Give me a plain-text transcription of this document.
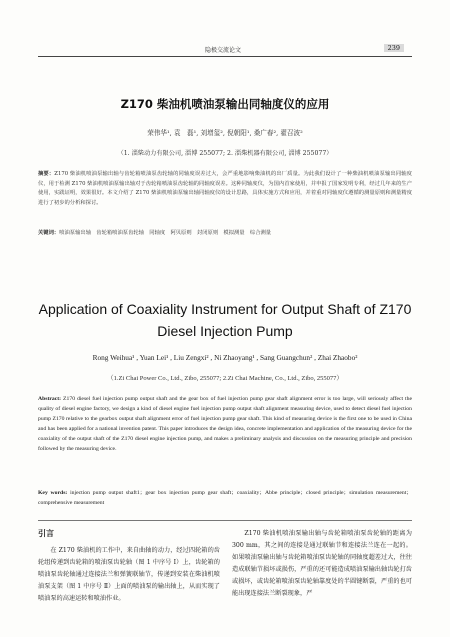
隐极交流论文	239
Z170 柴油机喷油泵输出同轴度仪的应用
荣伟华¹, 袁　磊¹, 刘增玺², 倪朝阳¹, 桑广春², 翟召波²
（1. 淄柴动力有限公司, 淄博 255077; 2. 淄柴机器有限公司, 淄博 255077）
摘要：Z170 柴油机喷油泵输出轴与齿轮箱喷油泵齿轮轴的同轴度误差过大，会严重地影响柴油机的出厂质量。为此我们设计了一种柴油机喷油泵输出同轴度仪，用于检测 Z170 柴油机喷油泵输出轴对于齿轮箱喷油泵齿轮轴的同轴度误差。这种同轴度仪，为国内首家使用，并申报了国家发明专利，经过几年来的生产使用，实践证明，效果很好。本文介绍了 Z170 柴油机喷油泵输出轴同轴度仪的设计思路，具体实施方式和应用，并着重对同轴度仪遵循的测量原则和测量精度进行了初步的分析和探讨。
关键词：喷油泵输出轴　齿轮箱喷油泵齿轮轴　同轴度　阿贝原则　封闭原则　模拟测量　综合测量
Application of Coaxiality Instrument for Output Shaft of Z170
Diesel Injection Pump
Rong Weihua¹ , Yuan Lei¹ , Liu Zengxi² , Ni Zhaoyang¹ , Sang Guangchun² , Zhai Zhaobo²
（1.Zi Chai Power Co., Ltd., Zibo, 255077; 2.Zi Chai Machine, Co., Ltd., Zibo, 255077）
Abstract: Z170 diesel fuel injection pump output shaft and the gear box of fuel injection pump gear shaft alignment error is too large, will seriously affect the quality of diesel engine factory, we design a kind of diesel engine fuel injection pump output shaft alignment measuring device, used to detect diesel fuel injection pump Z170 relative to the gearbox output shaft alignment error of fuel injection pump gear shaft. This kind of measuring device is the first one to be used in China and has been applied for a national invention patent. This paper introduces the design idea, concrete implementation and application of the measuring device for the coaxiality of the output shaft of the Z170 diesel engine injection pump, and makes a preliminary analysis and discussion on the measuring principle and precision followed by the measuring device.
Key words: injection pump output shaft1；gear box injection pump gear shaft；coaxiality；Abbe principle；closed principle；simulation measurement；comprehensive measurement
引言
在 Z170 柴油机的工作中，来自曲轴的动力，经过四轮箱的齿轮组传递到齿轮箱的喷油泵齿轮轴（图 1 中序号 Ⅰ）上，齿轮箱的喷油泵齿轮轴通过连接法兰和弹簧联轴节，传递到安装在柴油机喷油泵支架（图 1 中序号 Ⅱ）上面的喷油泵的输出轴上，从而实现了喷油泵的高速运转和喷油作业。
Z170 柴油机喷油泵输出轴与齿轮箱喷油泵齿轮轴的距离为 300 mm，其之间的连接是通过联轴节和连接法兰连在一起的。如果喷油泵输出轴与齿轮箱喷油泵齿轮轴的同轴度超差过大，往往造成联轴节损坏或损伤，严重的还可能造成喷油泵输出轴齿轮打齿或损坏，或齿轮箱喷油泵齿轮轴靠度处的半圆键断裂，严重的也可能出现连接法兰断裂现象，严
